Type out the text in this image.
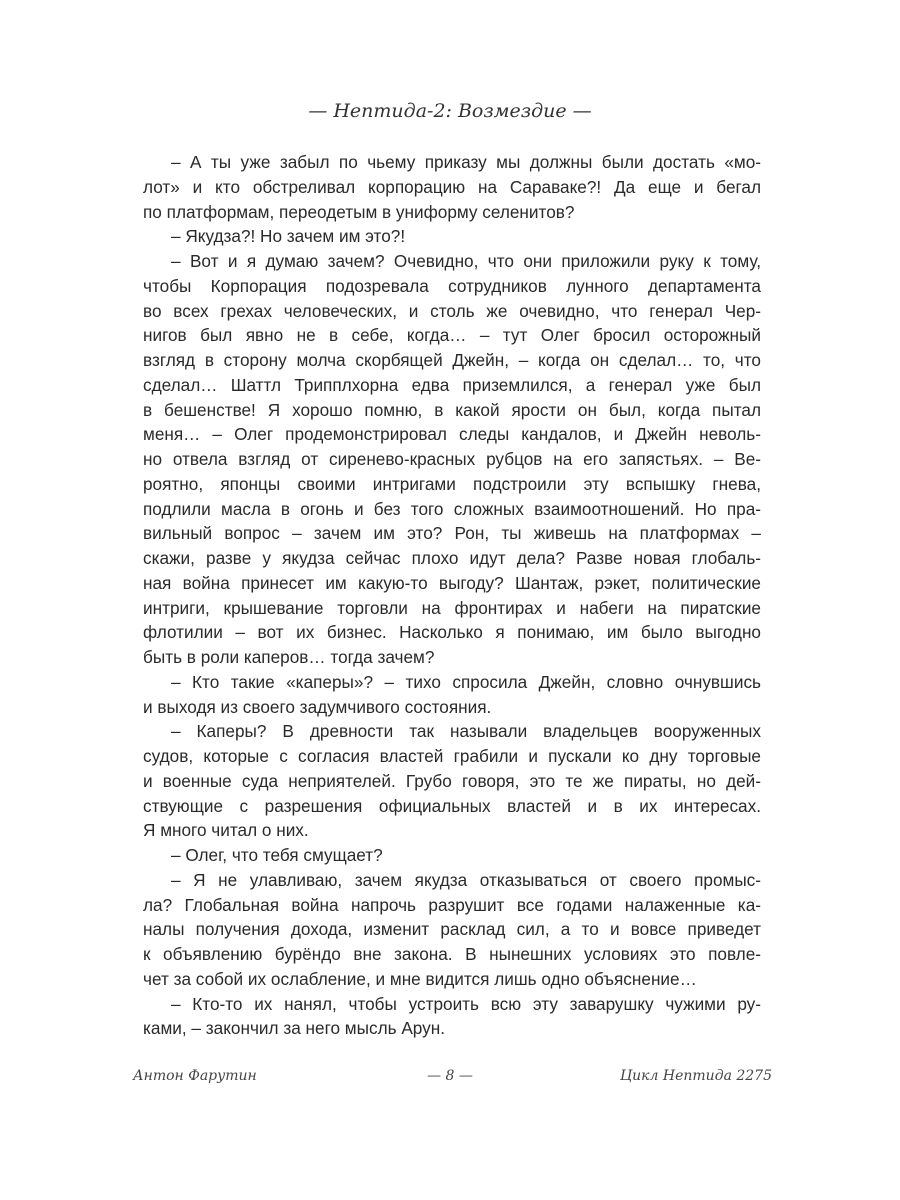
— Нептида-2: Возмездие —
– А ты уже забыл по чьему приказу мы должны были достать «мо-
лот» и кто обстреливал корпорацию на Сараваке?! Да еще и бегал
по платформам, переодетым в униформу селенитов?
– Якудза?! Но зачем им это?!
– Вот и я думаю зачем? Очевидно, что они приложили руку к тому,
чтобы Корпорация подозревала сотрудников лунного департамента
во всех грехах человеческих, и столь же очевидно, что генерал Чер-
нигов был явно не в себе, когда… – тут Олег бросил осторожный
взгляд в сторону молча скорбящей Джейн, – когда он сделал… то, что
сделал… Шаттл Трипплхорна едва приземлился, а генерал уже был
в бешенстве! Я хорошо помню, в какой ярости он был, когда пытал
меня… – Олег продемонстрировал следы кандалов, и Джейн неволь-
но отвела взгляд от сиренево-красных рубцов на его запястьях. – Ве-
роятно, японцы своими интригами подстроили эту вспышку гнева,
подлили масла в огонь и без того сложных взаимоотношений. Но пра-
вильный вопрос – зачем им это? Рон, ты живешь на платформах –
скажи, разве у якудза сейчас плохо идут дела? Разве новая глобаль-
ная война принесет им какую-то выгоду? Шантаж, рэкет, политические
интриги, крышевание торговли на фронтирах и набеги на пиратские
флотилии – вот их бизнес. Насколько я понимаю, им было выгодно
быть в роли каперов… тогда зачем?
– Кто такие «каперы»? – тихо спросила Джейн, словно очнувшись
и выходя из своего задумчивого состояния.
– Каперы? В древности так называли владельцев вооруженных
судов, которые с согласия властей грабили и пускали ко дну торговые
и военные суда неприятелей. Грубо говоря, это те же пираты, но дей-
ствующие с разрешения официальных властей и в их интересах.
Я много читал о них.
– Олег, что тебя смущает?
– Я не улавливаю, зачем якудза отказываться от своего промыс-
ла? Глобальная война напрочь разрушит все годами налаженные ка-
налы получения дохода, изменит расклад сил, а то и вовсе приведет
к объявлению бурёндо вне закона. В нынешних условиях это повле-
чет за собой их ослабление, и мне видится лишь одно объяснение…
– Кто-то их нанял, чтобы устроить всю эту заварушку чужими ру-
ками, – закончил за него мысль Арун.
Антон Фарутин	— 8 —	Цикл Нептида 2275
